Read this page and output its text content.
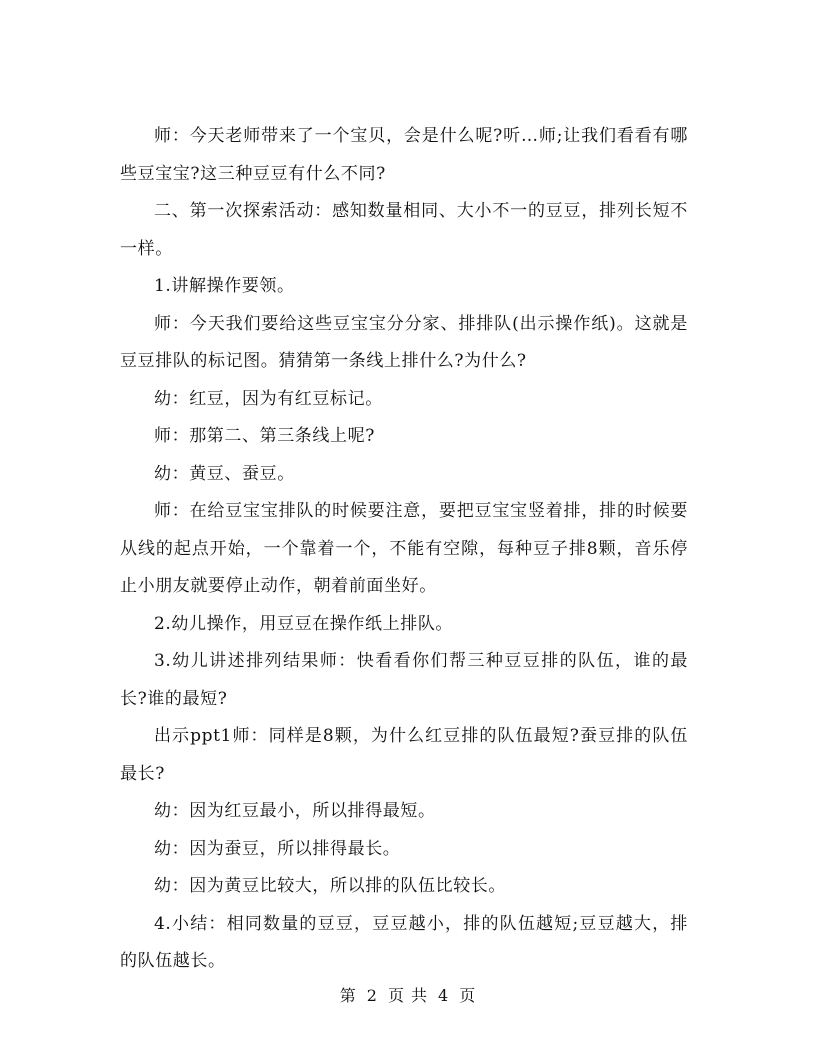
师：今天老师带来了一个宝贝，会是什么呢?听…师;让我们看看有哪些豆宝宝?这三种豆豆有什么不同?

二、第一次探索活动：感知数量相同、大小不一的豆豆，排列长短不一样。

1.讲解操作要领。

师：今天我们要给这些豆宝宝分分家、排排队(出示操作纸)。这就是豆豆排队的标记图。猜猜第一条线上排什么?为什么?

幼：红豆，因为有红豆标记。

师：那第二、第三条线上呢?

幼：黄豆、蚕豆。

师：在给豆宝宝排队的时候要注意，要把豆宝宝竖着排，排的时候要从线的起点开始，一个靠着一个，不能有空隙，每种豆子排8颗，音乐停止小朋友就要停止动作，朝着前面坐好。

2.幼儿操作，用豆豆在操作纸上排队。

3.幼儿讲述排列结果师：快看看你们帮三种豆豆排的队伍，谁的最长?谁的最短?

出示ppt1师：同样是8颗，为什么红豆排的队伍最短?蚕豆排的队伍最长?

幼：因为红豆最小，所以排得最短。

幼：因为蚕豆，所以排得最长。

幼：因为黄豆比较大，所以排的队伍比较长。

4.小结：相同数量的豆豆，豆豆越小，排的队伍越短;豆豆越大，排的队伍越长。

第 2 页 共 4 页
